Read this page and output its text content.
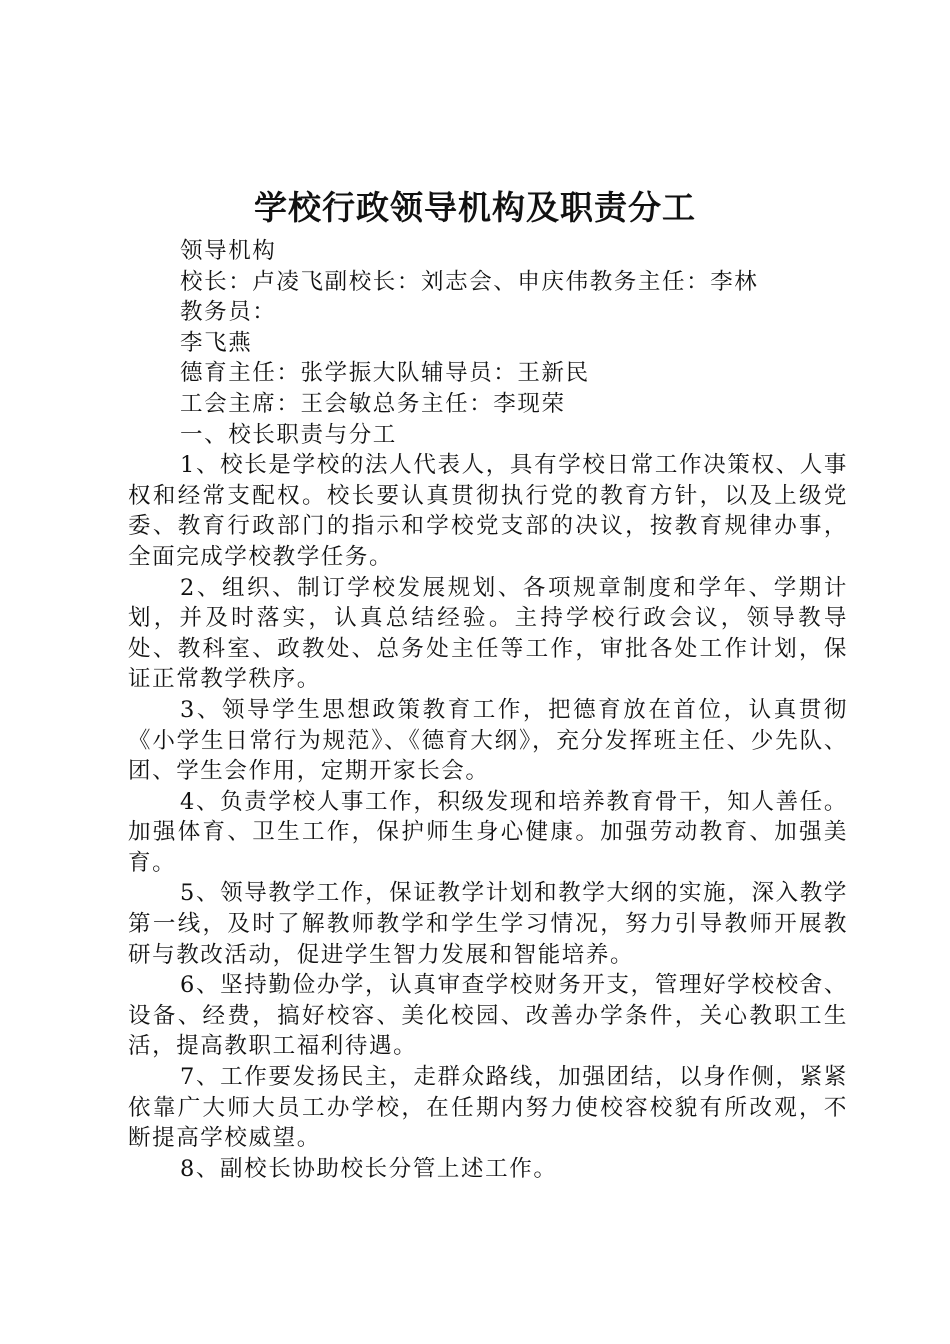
学校行政领导机构及职责分工

领导机构

校长：卢凌飞副校长：刘志会、申庆伟教务主任：李林

教务员：

李飞燕

德育主任：张学振大队辅导员：王新民

工会主席：王会敏总务主任：李现荣

一、校长职责与分工

1、校长是学校的法人代表人，具有学校日常工作决策权、人事权和经常支配权。校长要认真贯彻执行党的教育方针，以及上级党委、教育行政部门的指示和学校党支部的决议，按教育规律办事，全面完成学校教学任务。

2、组织、制订学校发展规划、各项规章制度和学年、学期计划，并及时落实，认真总结经验。主持学校行政会议，领导教导处、教科室、政教处、总务处主任等工作，审批各处工作计划，保证正常教学秩序。

3、领导学生思想政策教育工作，把德育放在首位，认真贯彻《小学生日常行为规范》、《德育大纲》，充分发挥班主任、少先队、团、学生会作用，定期开家长会。

4、负责学校人事工作，积级发现和培养教育骨干，知人善任。加强体育、卫生工作，保护师生身心健康。加强劳动教育、加强美育。

5、领导教学工作，保证教学计划和教学大纲的实施，深入教学第一线，及时了解教师教学和学生学习情况，努力引导教师开展教研与教改活动，促进学生智力发展和智能培养。

6、坚持勤俭办学，认真审查学校财务开支，管理好学校校舍、设备、经费，搞好校容、美化校园、改善办学条件，关心教职工生活，提高教职工福利待遇。

7、工作要发扬民主，走群众路线，加强团结，以身作侧，紧紧依靠广大师大员工办学校，在任期内努力使校容校貌有所改观，不断提高学校威望。

8、副校长协助校长分管上述工作。
